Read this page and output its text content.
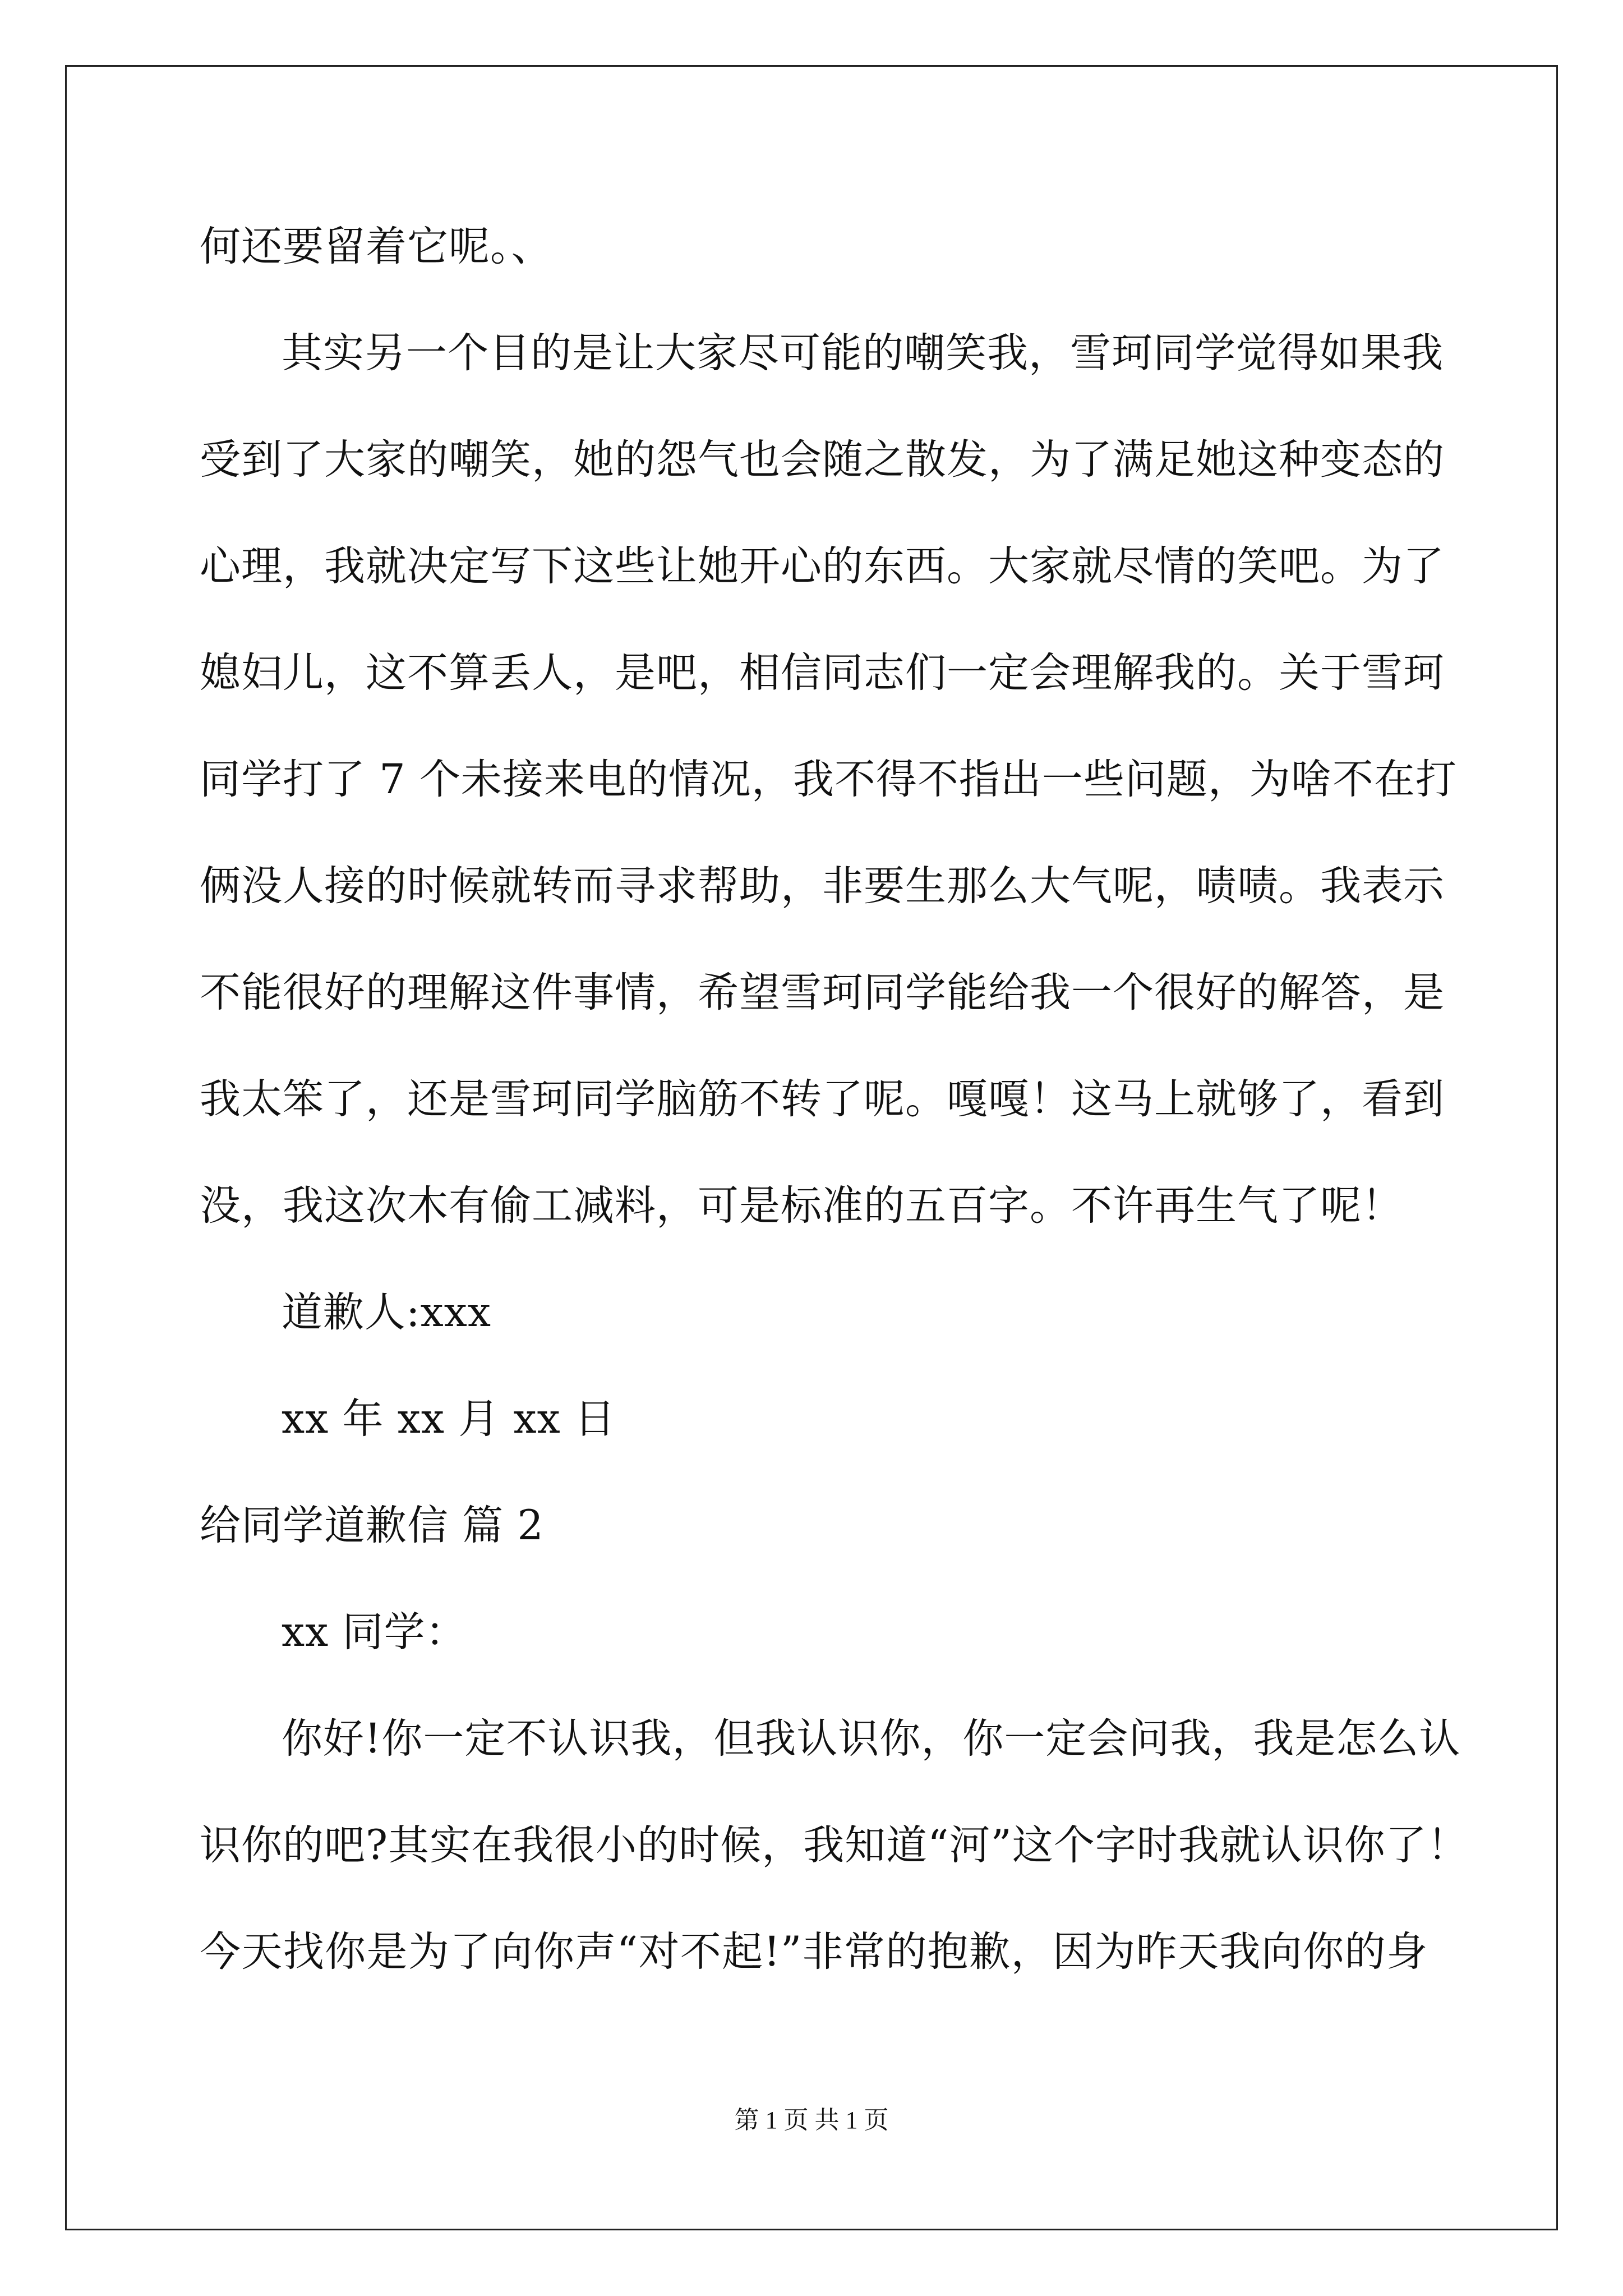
何还要留着它呢。、
其实另一个目的是让大家尽可能的嘲笑我，雪珂同学觉得如果我
受到了大家的嘲笑，她的怨气也会随之散发，为了满足她这种变态的
心理，我就决定写下这些让她开心的东西。大家就尽情的笑吧。为了
媳妇儿，这不算丢人，是吧，相信同志们一定会理解我的。关于雪珂
同学打了 7 个未接来电的情况，我不得不指出一些问题，为啥不在打
俩没人接的时候就转而寻求帮助，非要生那么大气呢，啧啧。我表示
不能很好的理解这件事情，希望雪珂同学能给我一个很好的解答，是
我太笨了，还是雪珂同学脑筋不转了呢。嘎嘎！这马上就够了，看到
没，我这次木有偷工减料，可是标准的五百字。不许再生气了呢！
道歉人:xxx
xx 年 xx 月 xx 日
给同学道歉信 篇 2
xx 同学：
你好!你一定不认识我，但我认识你，你一定会问我，我是怎么认
识你的吧?其实在我很小的时候，我知道“河”这个字时我就认识你了！
今天找你是为了向你声“对不起!”非常的抱歉，因为昨天我向你的身
第 1 页 共 1 页
